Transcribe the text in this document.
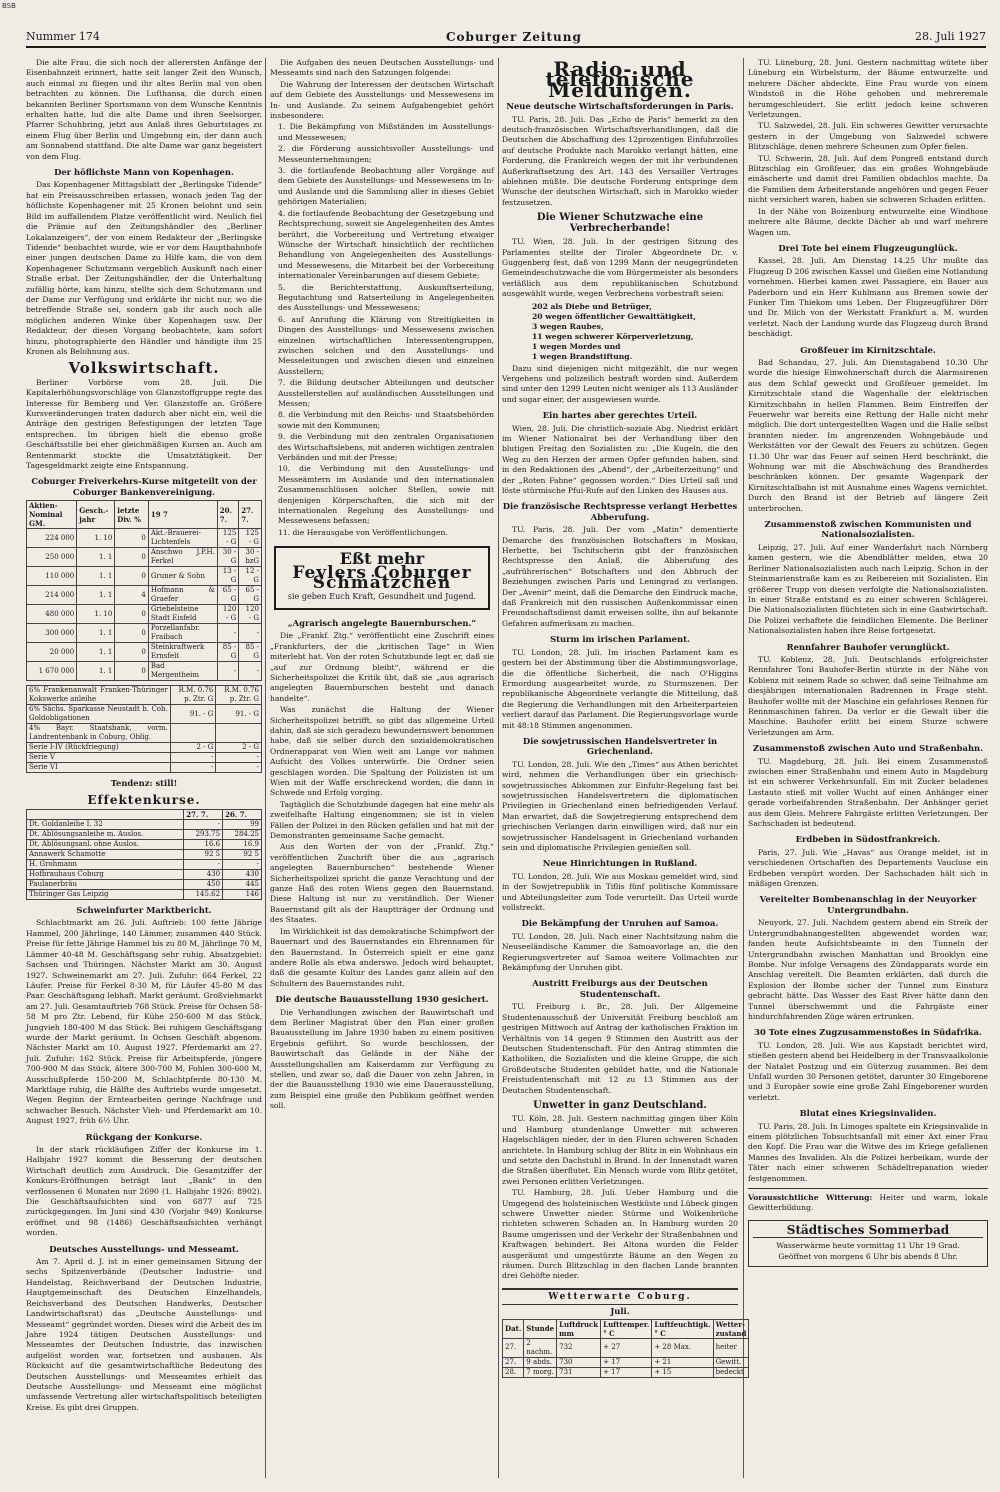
BSB
Nummer 174	Coburger Zeitung	28. Juli 1927

Die alte Frau, die sich noch der allerersten Anfänge der Eisenbahnzeit erinnert, hatte seit langer Zeit den Wunsch, auch einmal zu fliegen und ihr altes Berlin mal von oben betrachten zu können. Die Lufthansa, die durch einen bekannten Berliner Sportsmann von dem Wunsche Kenntnis erhalten hatte, lud die alte Dame und ihren Seelsorger, Pfarrer Schuhbring, jetzt aus Anlaß ihres Geburtstages zu einem Flug über Berlin und Umgebung ein, der dann auch am Sonnabend stattfand. Die alte Dame war ganz begeistert von dem Flug.

Der höflichste Mann von Kopenhagen.

Das Kopenhagener Mittagsblatt der „Berlingske Tidende“ hat ein Preisausschreiben erlassen, wonach jeden Tag der höflichste Kopenhagener mit 25 Kronen belohnt und sein Bild im auffallendem Platze veröffentlicht wird. Neulich fiel die Prämie auf den Zeitungshändler des „Berliner Lokalanzeigers“, der von einem Redakteur der „Berlingske Tidende“ beobachtet wurde, wie er vor dem Hauptbahnhofe einer jungen deutschen Dame zu Hilfe kam, die von dem Kopenhagener Schutzmann vergeblich Auskunft nach einer Straße erbat. Der Zeitungshändler, der die Unterhaltung zufällig hörte, kam hinzu, stellte sich dem Schutzmann und der Dame zur Verfügung und erklärte ihr nicht nur, wo die betreffende Straße sei, sondern gab ihr auch noch alle möglichen anderen Winke über Kopenhagen usw. Der Redakteur, der diesen Vorgang beobachtete, kam sofort hinzu, photographierte den Händler und händigte ihm 25 Kronen als Belohnung aus.

Volkswirtschaft.

Berliner Vorbörse vom 28. Juli. Die Kapitalerhöhungsvorschläge von Glanzstoffgruppe regte das Interesse für Bemberg und Ver. Glanzstoffe an. Größere Kursveränderungen traten dadurch aber nicht ein, weil die Anträge den gestrigen Befestigungen der letzten Tage entsprechen. Im übrigen hielt die ebenso große Geschäftsstille bei eher gleichmäßigen Kursen an. Auch am Rentenmarkt stockte die Umsatztätigkeit. Der Tagesgeldmarkt zeigte eine Entspannung.

Coburger Freiverkehrs-Kurse mitgeteilt von der Coburger Bankenvereinigung.
Aktien-Nominal GM.	Gesch.-jahr	letzte Div. %	19 7	20. 7.	27. 7.
224 000	1. 10	0	Akt.-Brauerei-Lichtenfels	125 - G	125 - G
250 000	1. 1	0	Anschwo J.P.H. Ferkel	30 - G	30 - bzG
110 000	1. 1	0	Gruner & Sohn	13 - G	12 - G
214 000	1. 1	4	Hofmann & Graefer	65 - G	65 - G
480 000	1. 10	0	Griebelsteine Stadt Eisfeld	120 - G	120 - G
300 000	1. 1	0	Porzellanfabr. Fraibach	-	-
20 000	1. 1	0	Steinkraftwerk Ernsfelt	85 - G	85 - G
1 670 000	1. 1	0	Bad Mergentheim	-	-
6% Frankenanwalt Franken-Thüringer Kokswerke anleihe	R.M. 0.76 p. Ztr. G	R.M. 0.76 p. Ztr. G
6% Sächs. Sparkasse Neustadt b. Cob. Goldobligationen	91. - G	91. - G
4% Bayr. Staatsbank, vorm. Landrentenbank in Coburg, Oblig.		
Serie I-IV (Rückfriegung)	2 - G	2 - G
Serie V	-	-
Serie VI	-	-
Tendenz: still!
Effektenkurse.
	27. 7.	26. 7.
Dt. Goldanleihe I. 32	-	99
Dt. Ablösungsanleihe m. Auslos.	293.75	284.25
Dt. Ablösungsanl. ohne Auslos.	16.6	16.9
Annawerk Schamotte	92 5	92 5
H. Grohmann	-	-
Hofbrauhaus Coburg	430	430
Paulanerbräu	450	445
Thüringer Gas Leipzig	145.62	146
Schweinfurter Marktbericht.

Schlachtmarkt am 26. Juli. Auftrieb: 100 fette Jährige Hammel, 200 Jährlinge, 140 Lämmer, zusammen 440 Stück. Preise für fette Jährige Hammel bis zu 80 M, Jährlinge 70 M, Lämmer 40-48 M. Geschäftsgang sehr ruhig. Absatzgebiet: Sachsen und Thüringen. Nächster Markt am 30. August 1927. Schweinemarkt am 27. Juli. Zufuhr: 664 Ferkel, 22 Läufer. Preise für Ferkel 8-30 M, für Läufer 45-80 M das Paar. Geschäftsgang lebhaft. Markt geräumt. Großviehmarkt am 27. Juli. Gesamtauftrieb 768 Stück. Preise für Ochsen 58-58 M pro Ztr. Lebend, für Kühe 250-600 M das Stück, Jungvieh 180-400 M das Stück. Bei ruhigem Geschäftsgang wurde der Markt geräumt. In Ochsen Geschäft abgenom. Nächster Markt am 10. August 1927. Pferdemarkt am 27. Juli. Zufuhr: 162 Stück. Preise für Arbeitspferde, jüngere 700-900 M das Stück, ältere 300-700 M, Fohlen 300-600 M, Ausschußpferde 150-200 M, Schlachtpferde 80-130 M. Marktlage ruhig, die Hälfte des Auftriebs wurde umgesetzt. Wegen Beginn der Erntearbeiten geringe Nachfrage und schwacher Besuch. Nächster Vieh- und Pferdemarkt am 10. August 1927, früh 6½ Uhr.

Rückgang der Konkurse.

In der stark rückläufigen Ziffer der Konkurse im 1. Halbjahr 1927 kommt die Besserung der deutschen Wirtschaft deutlich zum Ausdruck. Die Gesamtziffer der Konkurs-Eröffnungen beträgt laut „Bank“ in den verflossenen 6 Monaten nur 2690 (1. Halbjahr 1926: 8902). Die Geschäftsaufsichten sind von 6877 auf 725 zurückgegangen. Im Juni sind 430 (Vorjahr 949) Konkurse eröffnet und 98 (1486) Geschäftsaufsichten verhängt worden.

Deutsches Ausstellungs- und Messeamt.

Am 7. April d. J. ist in einer gemeinsamen Sitzung der sechs Spitzenverbände (Deutscher Industrie- und Handelstag, Reichsverband der Deutschen Industrie, Hauptgemeinschaft des Deutschen Einzelhandels, Reichsverband des Deutschen Handwerks, Deutscher Landwirtschaftsrat) das „Deutsche Ausstellungs- und Messeamt“ gegründet worden. Dieses wird die Arbeit des im Jahre 1924 tätigen Deutschen Ausstellungs- und Messeamtes der Deutschen Industrie, das inzwischen aufgelöst worden war, fortsetzen und ausbauen. Als Rücksicht auf die gesamtwirtschaftliche Bedeutung des Deutschen Ausstellungs- und Messeamtes erhielt das Deutsche Ausstellungs- und Messeamt eine möglichst umfassende Vertretung aller wirtschaftspolitisch beteiligten Kreise. Es gibt drei Gruppen.

Die Aufgaben des neuen Deutschen Ausstellungs- und Messeamts sind nach den Satzungen folgende:

Die Wahrung der Interessen der deutschen Wirtschaft auf dem Gebiete des Ausstellungs- und Messewesens im In- und Auslande. Zu seinem Aufgabengebiet gehört insbesondere:

1. Die Bekämpfung von Mißständen im Ausstellungs- und Messewesen;

2. die Förderung aussichtsvoller Ausstellungs- und Messeunternehmungen;

3. die fortlaufende Beobachtung aller Vorgänge auf dem Gebiete des Ausstellungs- und Messewesens im In- und Auslande und die Sammlung aller in dieses Gebiet gehörigen Materialien;

4. die fortlaufende Beobachtung der Gesetzgebung und Rechtsprechung, soweit sie Angelegenheiten des Amtes berührt, die Vorbereitung und Vertretung etwaiger Wünsche der Wirtschaft hinsichtlich der rechtlichen Behandlung von Angelegenheiten des Ausstellungs- und Messewesens, die Mitarbeit bei der Vorbereitung internationaler Vereinbarungen auf diesem Gebiete;

5. die Berichterstattung, Auskunftserteilung, Begutachtung und Ratserteilung in Angelegenheiten des Ausstellungs- und Messewesens;

6. auf Anrufung die Klärung von Streitigkeiten in Dingen des Ausstellungs- und Messewesens zwischen einzelnen wirtschaftlichen Interessentengruppen, zwischen solchen und den Ausstellungs- und Messeleitungen und zwischen diesen und einzelnen Ausstellern;

7. die Bildung deutscher Abteilungen und deutscher Ausstellerstellen auf ausländischen Ausstellungen und Messen;

8. die Verbindung mit den Reichs- und Staatsbehörden sowie mit den Kommunen;

9. die Verbindung mit den zentralen Organisationen des Wirtschaftslebens, mit anderen wichtigen zentralen Verbänden und mit der Presse;

10. die Verbindung mit den Ausstellungs- und Messeämtern im Auslande und den internationalen Zusammenschlüssen solcher Stellen, sowie mit denjenigen Körperschaften, die sich mit der internationalen Regelung des Ausstellungs- und Messewesens befassen;

11. die Herausgabe von Veröffentlichungen.

Eßt mehr
Feylers Coburger Schmätzchen
sie geben Euch Kraft, Gesundheit und Jugend.
„Agrarisch angelegte Bauernburschen.“

Die „Frankf. Ztg.“ veröffentlicht eine Zuschrift eines „Frankfurters, der die „kritischen Tage“ in Wien miterlebt hat. Von der roten Schutzbunde legt er, daß sie „auf zur Ordnung bleibt“, während er die Sicherheitspolizei die Kritik übt, daß sie „aus agrarisch angelegten Bauernburschen besteht und danach handelte“.

Was zunächst die Haltung der Wiener Sicherheitspolizei betrifft, so gibt das allgemeine Urteil dahin, daß sie sich geradezu bewundernswert benommen habe, daß sie selber durch den sozialdemokratischen Ordnerapparat von Wien weit am Lange vor nahmen Aufsicht des Volkes unterwürfe. Die Ordner seien geschlagen worden. Die Spaltung der Polizisten ist um Wien mit der Waffe erschreckend worden, die dann in Schwede und Erfolg vorging.

Tagtäglich die Schutzbunde dagegen hat eine mehr als zweifelhafte Haltung eingenommen; sie ist in vielen Fällen der Polizei in den Rücken gefallen und hat mit der Demonstranten gemeinsame Sache gemacht.

Aus den Worten der von der „Frankf. Ztg.“ veröffentlichen Zuschrift über die aus „agrarisch angelegten Bauernburschen“ bestehende Wiener Sicherheitspolizei spricht die ganze Verachtung und der ganze Haß des roten Wiens gegen den Bauernstand. Diese Haltung ist nur zu verständlich. Der Wiener Bauernstand gilt als der Hauptträger der Ordnung und des Staates.

Im Wirklichkeit ist das demokratische Schimpfwort der Bauernart und des Bauernstandes ein Ehrennamen für den Bauernstand. In Österreich spielt er eine ganz andere Rolle als etwa anderswo. Jedoch wird behauptet, daß die gesamte Kultur des Landes ganz allein auf den Schultern des Bauernstandes ruht.

Die deutsche Bauausstellung 1930 gesichert.

Die Verhandlungen zwischen der Bauwirtschaft und dem Berliner Magistrat über den Plan einer großen Bauausstellung im Jahre 1930 haben zu einem positiven Ergebnis geführt. So wurde beschlossen, der Bauwirtschaft das Gelände in der Nähe der Ausstellungshallen am Kaiserdamm zur Verfügung zu stellen, und zwar so, daß die Dauer von zehn Jahren, in der die Bauausstellung 1930 wie eine Dauerausstellung, zum Beispiel eine große den Publikum geöffnet werden soll.

Radio- und telefonische Meldungen.
Neue deutsche Wirtschaftsforderungen in Paris.

TU. Paris, 28. Juli. Das „Echo de Paris“ bemerkt zu den deutsch-französischen Wirtschaftsverhandlungen, daß die Deutschen die Abschaffung des 12prozentigen Einfuhrzolles auf deutsche Produkte nach Marokko verlangt hätten, eine Forderung, die Frankreich wegen der mit ihr verbundenen Außerkraftsetzung des Art. 143 des Versailler Vertrages ablehnen müßte. Die deutsche Forderung entspringe dem Wunsche der deutschen Wirtschaft, sich in Marokko wieder festzusetzen.

Die Wiener Schutzwache eine Verbrecherbande!

TU. Wien, 28. Juli. In der gestrigen Sitzung des Parlamentes stellte der Tiroler Abgeordnete Dr. v. Guggenberg fest, daß von 1299 Mann der neugegründeten Gemeindeschutzwache die vom Bürgermeister als besonders verläßlich aus dem republikanischen Schutzbund ausgewählt wurde, wegen Verbrechens vorbestraft seien:

202 als Diebe und Betrüger,
20 wegen öffentlicher Gewalttätigkeit,
3 wegen Raubes,
11 wegen schwerer Körperverletzung,
1 wegen Mordes und
1 wegen Brandstiftung.

Dazu sind diejenigen nicht mitgezählt, die nur wegen Vergehens und polizeilich bestraft worden sind. Außerdem sind unter den 1299 Leuten nicht weniger als 113 Ausländer und sogar einer, der ausgewiesen wurde.

Ein hartes aber gerechtes Urteil.

Wien, 28. Juli. Die christlich-soziale Abg. Niedrist erklärt im Wiener Nationalrat bei der Verhandlung über den blutigen Freitag den Sozialisten zu: „Die Kugeln, die den Weg zu den Herzen der armen Opfer gefunden haben, sind in den Redaktionen des „Abend“, der „Arbeiterzeitung“ und der „Roten Fahne“ gegossen worden.“ Dies Urteil saß und löste stürmische Pfui-Rufe auf den Linken des Hauses aus.

Die französische Rechtspresse verlangt Herbettes Abberufung.

TU. Paris, 28. Juli. Der vom „Matin“ dementierte Demarche des französischen Botschafters in Moskau, Herbette, bei Tschitscherin gibt der französischen Rechtspresse den Anlaß, die Abberufung des „aufrührerischen“ Botschafters und den Abbruch der Beziehungen zwischen Paris und Leningrad zu verlangen. Der „Avenir“ meint, daß die Demarche den Eindruck mache, daß Frankreich mit den russischen Außenkommissar einen Freundschaftsdienst damit erweisen sollte, ihn auf bekannte Gefahren aufmerksam zu machen.

Sturm im irischen Parlament.

TU. London, 28. Juli. Im irischen Parlament kam es gestern bei der Abstimmung über die Abstimmungsvorlage, die die öffentliche Sicherheit, die nach O'Higgins Ermordung ausgearbeitet wurde, zu Sturmszenen. Der republikanische Abgeordnete verlangte die Mitteilung, daß die Regierung die Verhandlungen mit den Arbeiterparteien verliert darauf das Parlament. Die Regierungsvorlage wurde mit 48:18 Stimmen angenommen.

Die sowjetrussischen Handelsvertreter in Griechenland.

TU. London, 28. Juli. Wie den „Times“ aus Athen berichtet wird, nehmen die Verhandlungen über ein griechisch-sowjetrussisches Abkommen zur Einfuhr-Regelung fast bei sowjetrussischen Handelsvertretern die diplomatischen Privilegien in Griechenland einen befriedigenden Verlauf. Man erwartet, daß die Sowjetregierung entsprechend dem griechischen Verlangen darin einwilligen wird, daß nur ein sowjetrussischer Handelsagent in Griechenland vorhanden sein und diplomatische Privilegien genießen soll.

Neue Hinrichtungen in Rußland.

TU. London, 28. Juli. Wie aus Moskau gemeldet wird, sind in der Sowjetrepublik in Tiflis fünf politische Kommissare und Abteilungsleiter zum Tode verurteilt. Das Urteil wurde vollstreckt.

Die Bekämpfung der Unruhen auf Samoa.

TU. London, 28. Juli. Nach einer Nachtsitzung nahm die Neuseeländische Kammer die Samoavorlage an, die den Regierungsvertreter auf Samoa weitere Vollmachten zur Bekämpfung der Unruhen gibt.

Austritt Freiburgs aus der Deutschen Studentenschaft.

TU. Freiburg i. Br., 28. Juli. Der Allgemeine Studentenausschuß der Universität Freiburg beschloß am gestrigen Mittwoch auf Antrag der katholischen Fraktion im Verhältnis von 14 gegen 9 Stimmen den Austritt aus der Deutschen Studentenschaft. Für den Antrag stimmten die Katholiken, die Sozialisten und die kleine Gruppe, die sich Großdeutsche Studenten gebildet hatte, und die Nationale Freistudentenschaft mit 12 zu 13 Stimmen aus der Deutschen Studentenschaft.

Unwetter in ganz Deutschland.

TU. Köln, 28. Juli. Gestern nachmittag gingen über Köln und Hamburg stundenlange Unwetter mit schweren Hagelschlägen nieder, der in den Fluren schweren Schaden anrichtete. In Hamburg schlug der Blitz in ein Wohnhaus ein und setzte den Dachstuhl in Brand. In der Innenstadt waren die Straßen überflutet. Ein Mensch wurde vom Blitz getötet, zwei Personen erlitten Verletzungen.

TU. Hamburg, 28. Juli. Ueber Hamburg und die Umgegend des holsteinischen Westküste und Lübeck gingen schwere Unwetter nieder. Stürme und Wolkenbrüche richteten schweren Schaden an. In Hamburg wurden 20 Baume umgerissen und der Verkehr der Straßenbahnen und Kraftwagen behindert. Bei Altona wurden die Felder ausgeräumt und umgestürzte Bäume an den Wegen zu räumen. Durch Blitzschlag in den flachen Lande brannten drei Gehöfte nieder.

Wetterwarte Coburg.
Juli.
Dat.	Stunde	Luftdruck mm	Lufttemper. ° C	Luftfeuchtigk. ° C	Wetter-zustand
27.	2 nachm.	732	+ 27	+ 28 Max.	heiter
27.	9 abds.	730	+ 17	+ 21	Gewitt.
28.	7 morg.	731	+ 17	+ 15	bedeckt

TU. Lüneburg, 28. Juni. Gestern nachmittag wütete über Lüneburg ein Wirbelsturm, der Bäume entwurzelte und mehrere Dächer abdeckte. Eine Frau wurde von einem Windstoß in die Höhe gehoben und mehreremale herumgeschleudert. Sie erlitt jedoch keine schweren Verletzungen.

TU. Salzwedel, 28. Juli. Ein schweres Gewitter verursachte gestern in der Umgebung von Salzwedel schwere Blitzschläge, denen mehrere Scheunen zum Opfer fielen.

TU. Schwerin, 28. Juli. Auf dem Pongreß entstand durch Blitzschlag ein Großfeuer, das ein großes Wohngebäude einäscherte und damit drei Familien obdachlos machte. Da die Familien dem Arbeiterstande angehören und gegen Feuer nicht versichert waren, haben sie schweren Schaden erlitten.

In der Nähe von Boizenburg entwurzelte eine Windhose mehrere alte Bäume, deckte Dächer ab und warf mehrere Wagen um.

Drei Tote bei einem Flugzeugunglück.

Kassel, 28. Juli. Am Dienstag 14.25 Uhr mußte das Flugzeug D 206 zwischen Kassel und Gießen eine Notlandung vornehmen. Hierbei kamen zwei Passagiere, ein Bauer aus Paderborn und ein Herr Kuhlmann aus Bremen sowie der Funker Tim Thiekom ums Leben. Der Flugzeugführer Dörr und Dr. Milch von der Werkstatt Frankfurt a. M. wurden verletzt. Nach der Landung wurde das Flugzeug durch Brand beschädigt.

Großfeuer im Kirnitzschtale.

Bad Schandau, 27. Juli. Am Dienstagabend 10.30 Uhr wurde die hiesige Einwohnerschaft durch die Alarmsirenen aus dem Schlaf geweckt und Großfeuer gemeldet. Im Kirnitzschtale stand die Wagenhalle der elektrischen Kirnitzschbahn in hellen Flammen. Beim Eintreffen der Feuerwehr war bereits eine Rettung der Halle nicht mehr möglich. Die dort untergestellten Wagen und die Halle selbst brannten nieder. Im angrenzenden Wohngebäude und Werkstätten vor der Gewalt des Feuers zu schützen. Gegen 11.30 Uhr war das Feuer auf seinen Herd beschränkt, die Wohnung war mit die Abschwächung des Brandherdes beschränken können. Der gesamte Wagenpark der Kirnitzschtalbahn ist mit Ausnahme eines Wagens vernichtet. Durch den Brand ist der Betrieb auf längere Zeit unterbrochen.

Zusammenstoß zwischen Kommunisten und Nationalsozialisten.

Leipzig, 27. Juli. Auf einer Wanderfahrt nach Nürnberg kamen gestern, wie die Abendblätter melden, etwa 20 Berliner Nationalsozialisten auch nach Leipzig. Schon in der Steinmarienstraße kam es zu Reibereien mit Sozialisten. Ein größerer Trupp von diesen verfolgte die Nationalsozialisten. In einer Straße entstand es zu einer schweren Schlägerei. Die Nationalsozialisten flüchteten sich in eine Gastwirtschaft. Die Polizei verhaftete die feindlichen Elemente. Die Berliner Nationalsozialisten haben ihre Reise fortgesetzt.

Rennfahrer Bauhofer verunglückt.

TU. Koblenz, 28. Juli. Deutschlands erfolgreichster Rennfahrer Toni Bauhofer-Berlin stürzte in der Nähe von Koblenz mit seinem Rade so schwer, daß seine Teilnahme am diesjährigen internationalen Radrennen in Frage steht. Bauhofer wollte mit der Maschine ein gefahrloses Rennen für Rennmaschinen fahren. Da verlor er die Gewalt über die Maschine. Bauhofer erlitt bei einem Sturze schwere Verletzungen am Arm.

Zusammenstoß zwischen Auto und Straßenbahn.

TU. Magdeburg, 28. Juli. Bei einem Zusammenstoß zwischen einer Straßenbahn und einem Auto in Magdeburg ist ein schwerer Verkehrsunfall. Ein mit Zucker beladenes Lastauto stieß mit voller Wucht auf einen Anhänger einer gerade vorbeifahrenden Straßenbahn. Der Anhänger geriet aus dem Gleis. Mehrere Fahrgäste erlitten Verletzungen. Der Sachschaden ist bedeutend.

Erdbeben in Südostfrankreich.

Paris, 27. Juli. Wie „Havas“ aus Orange meldet, ist in verschiedenen Ortschaften des Departements Vaucluse ein Erdbeben verspürt worden. Der Sachschaden hält sich in mäßigen Grenzen.

Vereitelter Bombenanschlag in der Neuyorker Untergrundbahn.

Neuyork, 27. Juli. Nachdem gestern abend ein Streik der Untergrundbahnangestellten abgewendet worden war, fanden heute Aufsichtsbeamte in den Tunneln der Untergrundbahn zwischen Manhattan und Brooklyn eine Bombe. Nur infolge Versagens des Zündapparats wurde ein Anschlag vereitelt. Die Beamten erklärten, daß durch die Explosion der Bombe sicher der Tunnel zum Einsturz gebracht hätte. Das Wasser des East River hätte dann den Tunnel überschwemmt und die Fahrgäste einer hindurchfahrenden Züge wären ertrunken.

30 Tote eines Zugzusammenstoßes in Südafrika.

TU. London, 28. Juli. Wie aus Kapstadt berichtet wird, stießen gestern abend bei Heidelberg in der Transvaalkolonie der Natalet Postzug und ein Güterzug zusammen. Bei dem Unfall wurden 30 Personen getötet, darunter 30 Eingeborene und 3 Europäer sowie eine große Zahl Eingeborener wurden verletzt.

Blutat eines Kriegsinvaliden.

TU. Paris, 28. Juli. In Limoges spaltete ein Kriegsinvalide in einem plötzlichen Tobsuchtsanfall mit einer Axt einer Frau den Kopf. Die Frau war die Witwe des im Kriege gefallenen Mannes des Invaliden. Als die Polizei herbeikam, wurde der Täter nach einer schweren Schädeltrepanation wieder festgenommen.

Voraussichtliche Witterung: Heiter und warm, lokale Gewitterbildung.

Städtisches Sommerbad
Wasserwärme heute vormittag 11 Uhr 19 Grad.
Geöffnet von morgens 6 Uhr bis abends 8 Uhr.
